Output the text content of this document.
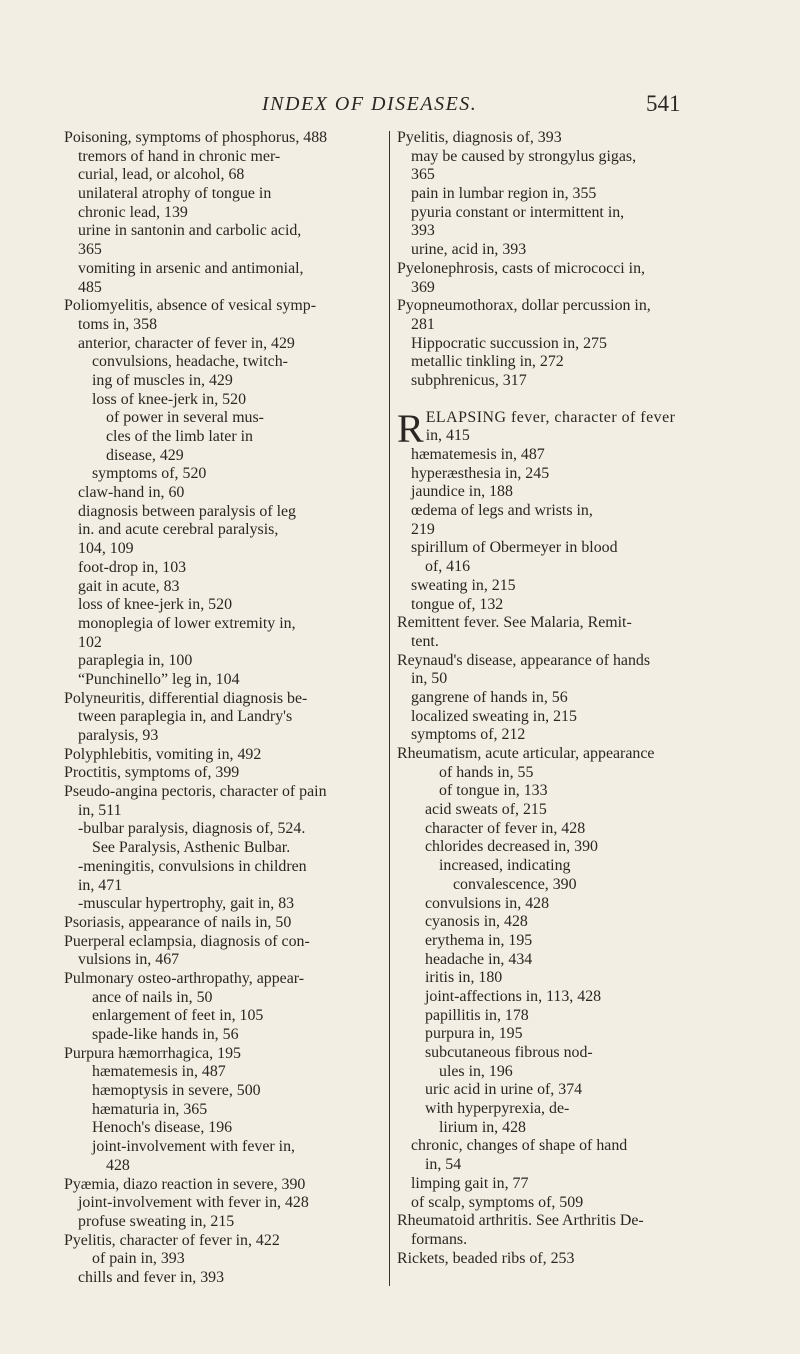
INDEX OF DISEASES.	541
Poisoning, symptoms of phosphorus, 488
tremors of hand in chronic mer-
curial, lead, or alcohol, 68
unilateral atrophy of tongue in
chronic lead, 139
urine in santonin and carbolic acid,
365
vomiting in arsenic and antimonial,
485
Poliomyelitis, absence of vesical symp-
toms in, 358
anterior, character of fever in, 429
convulsions, headache, twitch-
ing of muscles in, 429
loss of knee-jerk in, 520
of power in several mus-
cles of the limb later in
disease, 429
symptoms of, 520
claw-hand in, 60
diagnosis between paralysis of leg
in. and acute cerebral paralysis,
104, 109
foot-drop in, 103
gait in acute, 83
loss of knee-jerk in, 520
monoplegia of lower extremity in,
102
paraplegia in, 100
“Punchinello” leg in, 104
Polyneuritis, differential diagnosis be-
tween paraplegia in, and Landry's
paralysis, 93
Polyphlebitis, vomiting in, 492
Proctitis, symptoms of, 399
Pseudo-angina pectoris, character of pain
in, 511
-bulbar paralysis, diagnosis of, 524.
See Paralysis, Asthenic Bulbar.
-meningitis, convulsions in children
in, 471
-muscular hypertrophy, gait in, 83
Psoriasis, appearance of nails in, 50
Puerperal eclampsia, diagnosis of con-
vulsions in, 467
Pulmonary osteo-arthropathy, appear-
ance of nails in, 50
enlargement of feet in, 105
spade-like hands in, 56
Purpura hæmorrhagica, 195
hæmatemesis in, 487
hæmoptysis in severe, 500
hæmaturia in, 365
Henoch's disease, 196
joint-involvement with fever in,
428
Pyæmia, diazo reaction in severe, 390
joint-involvement with fever in, 428
profuse sweating in, 215
Pyelitis, character of fever in, 422
of pain in, 393
chills and fever in, 393
Pyelitis, diagnosis of, 393
may be caused by strongylus gigas,
365
pain in lumbar region in, 355
pyuria constant or intermittent in,
393
urine, acid in, 393
Pyelonephrosis, casts of micrococci in,
369
Pyopneumothorax, dollar percussion in,
281
Hippocratic succussion in, 275
metallic tinkling in, 272
subphrenicus, 317
R ELAPSING fever, character of fever
in, 415
hæmatemesis in, 487
hyperæsthesia in, 245
jaundice in, 188
œdema of legs and wrists in,
219
spirillum of Obermeyer in blood
of, 416
sweating in, 215
tongue of, 132
Remittent fever. See Malaria, Remit-
tent.
Reynaud's disease, appearance of hands
in, 50
gangrene of hands in, 56
localized sweating in, 215
symptoms of, 212
Rheumatism, acute articular, appearance
of hands in, 55
of tongue in, 133
acid sweats of, 215
character of fever in, 428
chlorides decreased in, 390
increased, indicating
convalescence, 390
convulsions in, 428
cyanosis in, 428
erythema in, 195
headache in, 434
iritis in, 180
joint-affections in, 113, 428
papillitis in, 178
purpura in, 195
subcutaneous fibrous nod-
ules in, 196
uric acid in urine of, 374
with hyperpyrexia, de-
lirium in, 428
chronic, changes of shape of hand
in, 54
limping gait in, 77
of scalp, symptoms of, 509
Rheumatoid arthritis. See Arthritis De-
formans.
Rickets, beaded ribs of, 253
